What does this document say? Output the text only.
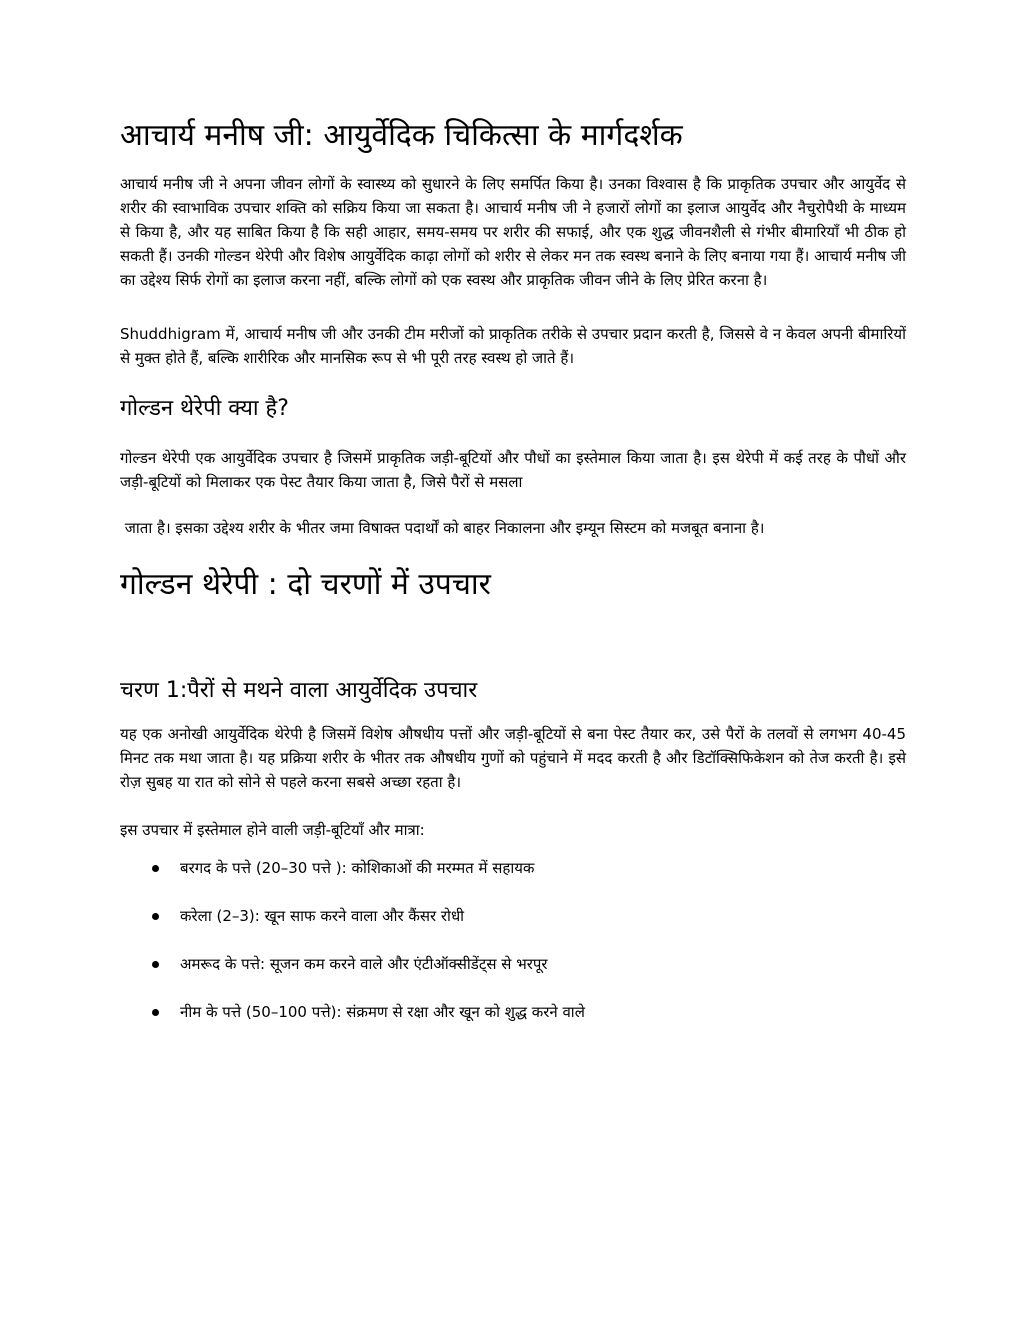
आचार्य मनीष जी: आयुर्वेदिक चिकित्सा के मार्गदर्शक

आचार्य मनीष जी ने अपना जीवन लोगों के स्वास्थ्य को सुधारने के लिए समर्पित किया है। उनका विश्वास है कि प्राकृतिक उपचार और आयुर्वेद से शरीर की स्वाभाविक उपचार शक्ति को सक्रिय किया जा सकता है। आचार्य मनीष जी ने हजारों लोगों का इलाज आयुर्वेद और नैचुरोपैथी के माध्यम से किया है, और यह साबित किया है कि सही आहार, समय-समय पर शरीर की सफाई, और एक शुद्ध जीवनशैली से गंभीर बीमारियाँ भी ठीक हो सकती हैं। उनकी गोल्डन थेरेपी और विशेष आयुर्वेदिक काढ़ा लोगों को शरीर से लेकर मन तक स्वस्थ बनाने के लिए बनाया गया हैं। आचार्य मनीष जी का उद्देश्य सिर्फ रोगों का इलाज करना नहीं, बल्कि लोगों को एक स्वस्थ और प्राकृतिक जीवन जीने के लिए प्रेरित करना है।

Shuddhigram में, आचार्य मनीष जी और उनकी टीम मरीजों को प्राकृतिक तरीके से उपचार प्रदान करती है, जिससे वे न केवल अपनी बीमारियों से मुक्त होते हैं, बल्कि शारीरिक और मानसिक रूप से भी पूरी तरह स्वस्थ हो जाते हैं।

गोल्डन थेरेपी क्या है?

गोल्डन थेरेपी एक आयुर्वेदिक उपचार है जिसमें प्राकृतिक जड़ी-बूटियों और पौधों का इस्तेमाल किया जाता है। इस थेरेपी में कई तरह के पौधों और जड़ी-बूटियों को मिलाकर एक पेस्ट तैयार किया जाता है, जिसे पैरों से मसला

जाता है। इसका उद्देश्य शरीर के भीतर जमा विषाक्त पदार्थों को बाहर निकालना और इम्यून सिस्टम को मजबूत बनाना है।

गोल्डन थेरेपी : दो चरणों में उपचार
चरण 1:पैरों से मथने वाला आयुर्वेदिक उपचार

यह एक अनोखी आयुर्वेदिक थेरेपी है जिसमें विशेष औषधीय पत्तों और जड़ी-बूटियों से बना पेस्ट तैयार कर, उसे पैरों के तलवों से लगभग 40-45 मिनट तक मथा जाता है। यह प्रक्रिया शरीर के भीतर तक औषधीय गुणों को पहुंचाने में मदद करती है और डिटॉक्सिफिकेशन को तेज करती है। इसे रोज़ सुबह या रात को सोने से पहले करना सबसे अच्छा रहता है।

इस उपचार में इस्तेमाल होने वाली जड़ी-बूटियाँ और मात्रा:

बरगद के पत्ते (20–30 पत्ते ): कोशिकाओं की मरम्मत में सहायक
करेला (2–3): खून साफ करने वाला और कैंसर रोधी
अमरूद के पत्ते: सूजन कम करने वाले और एंटीऑक्सीडेंट्स से भरपूर
नीम के पत्ते (50–100 पत्ते): संक्रमण से रक्षा और खून को शुद्ध करने वाले
